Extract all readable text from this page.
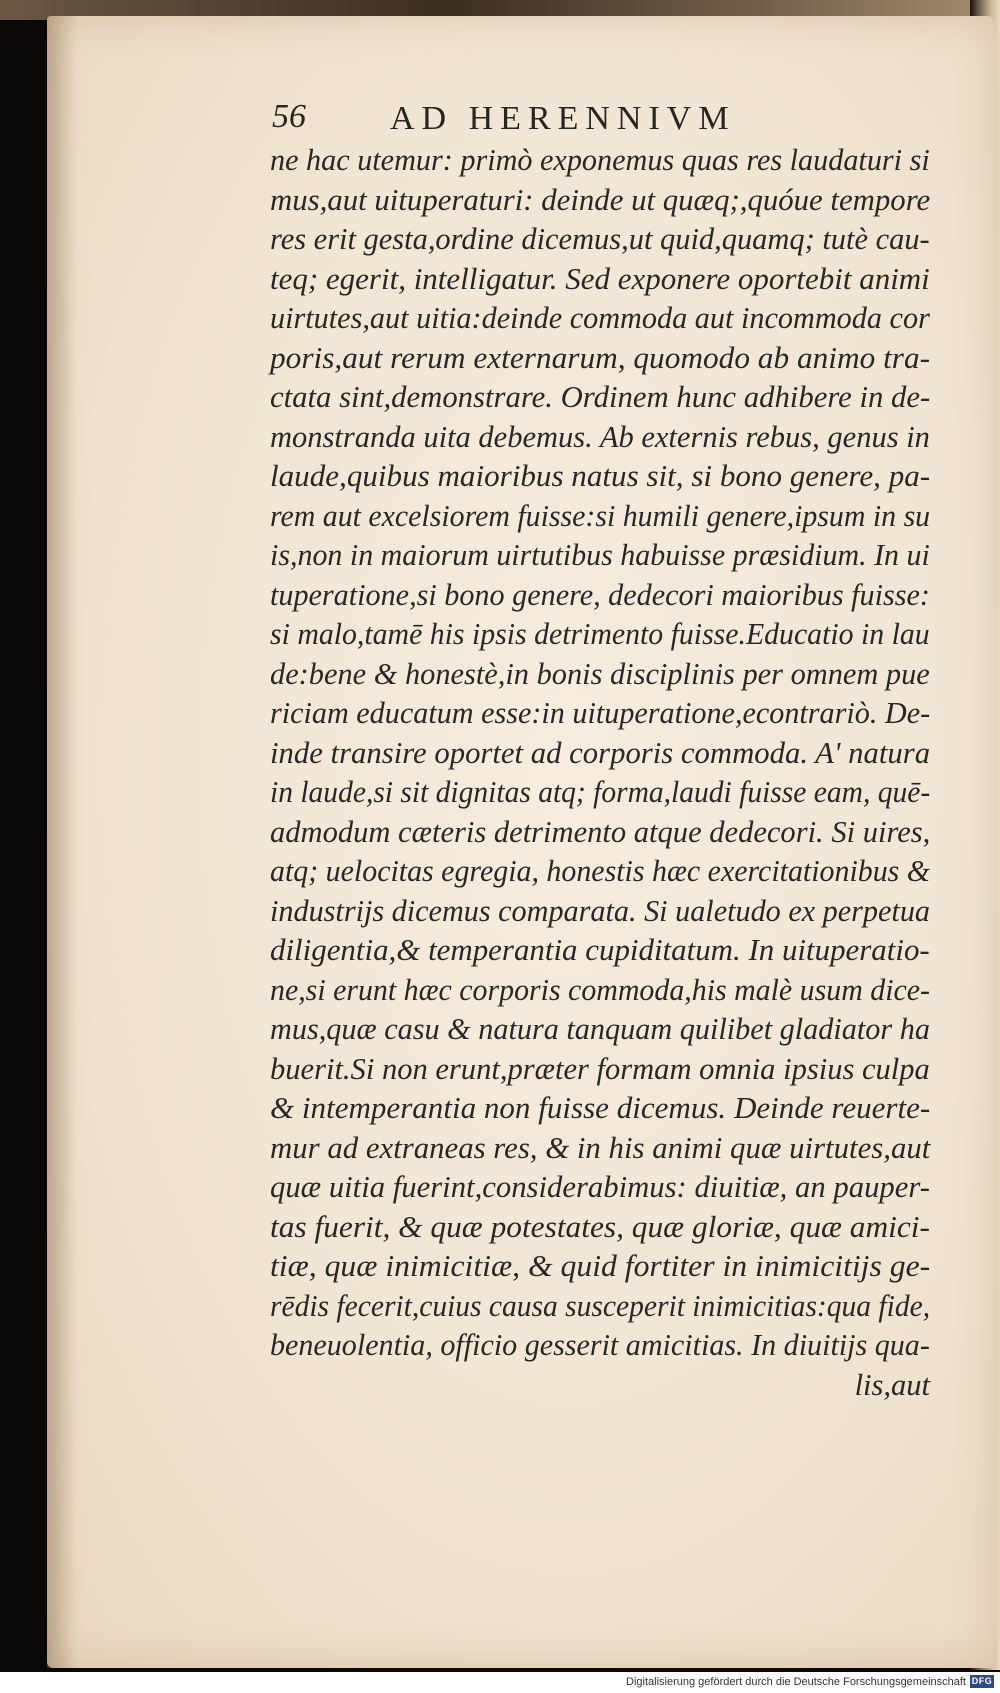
56 AD HERENNIVM
ne hac utemur: primò exponemus quas res laudaturi si
mus,aut uituperaturi: deinde ut quæq;,quóue tempore
res erit gesta,ordine dicemus,ut quid,quamq; tutè cau-
teq; egerit, intelligatur. Sed exponere oportebit animi
uirtutes,aut uitia:deinde commoda aut incommoda cor
poris,aut rerum externarum, quomodo ab animo tra-
ctata sint,demonstrare. Ordinem hunc adhibere in de-
monstranda uita debemus. Ab externis rebus, genus in
laude,quibus maioribus natus sit, si bono genere, pa-
rem aut excelsiorem fuisse:si humili genere,ipsum in su
is,non in maiorum uirtutibus habuisse præsidium. In ui
tuperatione,si bono genere, dedecori maioribus fuisse:
si malo,tamē his ipsis detrimento fuisse.Educatio in lau
de:bene & honestè,in bonis disciplinis per omnem pue
riciam educatum esse:in uituperatione,econtrariò. De-
inde transire oportet ad corporis commoda. A' natura
in laude,si sit dignitas atq; forma,laudi fuisse eam, quē-
admodum cæteris detrimento atque dedecori. Si uires,
atq; uelocitas egregia, honestis hæc exercitationibus &
industrijs dicemus comparata. Si ualetudo ex perpetua
diligentia,& temperantia cupiditatum. In uituperatio-
ne,si erunt hæc corporis commoda,his malè usum dice-
mus,quæ casu & natura tanquam quilibet gladiator ha
buerit.Si non erunt,præter formam omnia ipsius culpa
& intemperantia non fuisse dicemus. Deinde reuerte-
mur ad extraneas res, & in his animi quæ uirtutes,aut
quæ uitia fuerint,considerabimus: diuitiæ, an pauper-
tas fuerit, & quæ potestates, quæ gloriæ, quæ amici-
tiæ, quæ inimicitiæ, & quid fortiter in inimicitijs ge-
rēdis fecerit,cuius causa susceperit inimicitias:qua fide,
beneuolentia, officio gesserit amicitias. In diuitijs qua-
lis,aut
Digitalisierung gefördert durch die Deutsche Forschungsgemeinschaft DFG
